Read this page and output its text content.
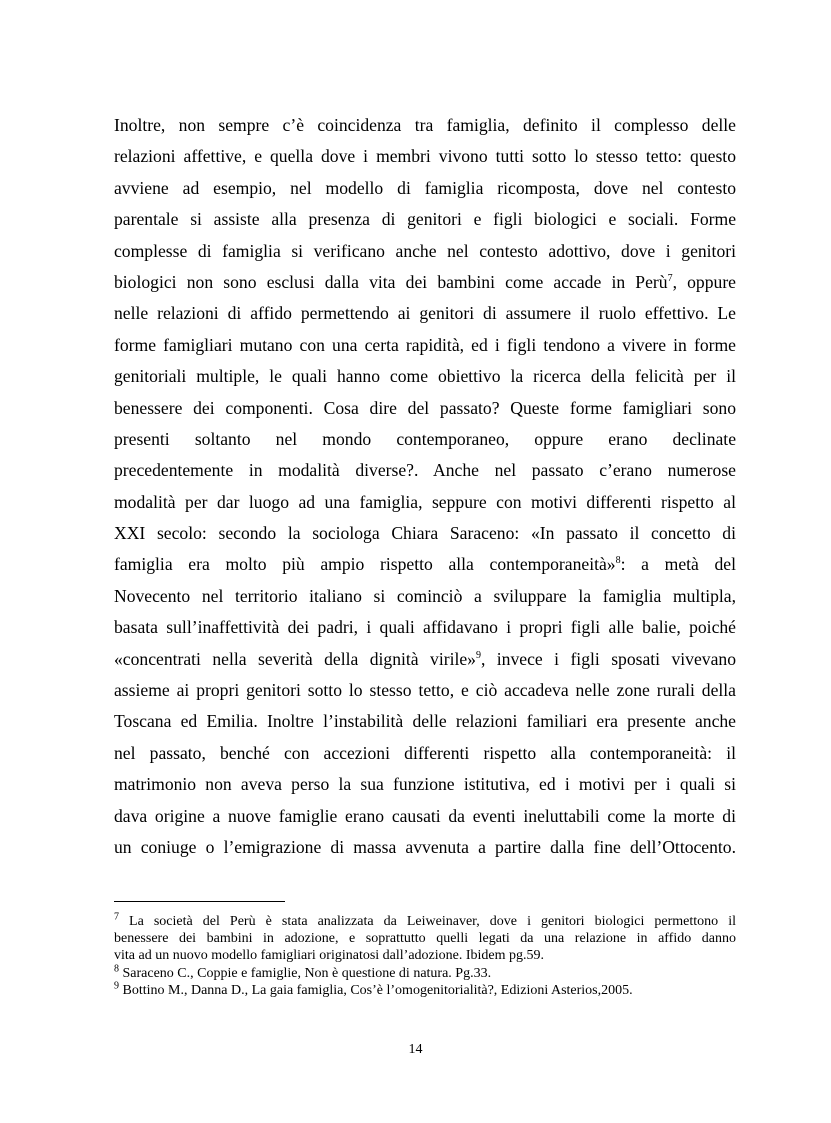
Inoltre, non sempre c’è coincidenza tra famiglia, definito il complesso delle
relazioni affettive, e quella dove i membri vivono tutti sotto lo stesso tetto: questo
avviene ad esempio, nel modello di famiglia ricomposta, dove nel contesto
parentale si assiste alla presenza di genitori e figli biologici e sociali. Forme
complesse di famiglia si verificano anche nel contesto adottivo, dove i genitori
biologici non sono esclusi dalla vita dei bambini come accade in Perù$^7$, oppure
nelle relazioni di affido permettendo ai genitori di assumere il ruolo effettivo. Le
forme famigliari mutano con una certa rapidità, ed i figli tendono a vivere in forme
genitoriali multiple, le quali hanno come obiettivo la ricerca della felicità per il
benessere dei componenti. Cosa dire del passato? Queste forme famigliari sono
presenti soltanto nel mondo contemporaneo, oppure erano declinate
precedentemente in modalità diverse?. Anche nel passato c’erano numerose
modalità per dar luogo ad una famiglia, seppure con motivi differenti rispetto al
XXI secolo: secondo la sociologa Chiara Saraceno: «In passato il concetto di
famiglia era molto più ampio rispetto alla contemporaneità»$^8$: a metà del
Novecento nel territorio italiano si cominciò a sviluppare la famiglia multipla,
basata sull’inaffettività dei padri, i quali affidavano i propri figli alle balie, poiché
«concentrati nella severità della dignità virile»$^9$, invece i figli sposati vivevano
assieme ai propri genitori sotto lo stesso tetto, e ciò accadeva nelle zone rurali della
Toscana ed Emilia. Inoltre l’instabilità delle relazioni familiari era presente anche
nel passato, benché con accezioni differenti rispetto alla contemporaneità: il
matrimonio non aveva perso la sua funzione istitutiva, ed i motivi per i quali si
dava origine a nuove famiglie erano causati da eventi ineluttabili come la morte di
un coniuge o l’emigrazione di massa avvenuta a partire dalla fine dell’Ottocento.
$^7$ La società del Perù è stata analizzata da Leiweinaver, dove i genitori biologici permettono il
benessere dei bambini in adozione, e soprattutto quelli legati da una relazione in affido danno
vita ad un nuovo modello famigliari originatosi dall’adozione. Ibidem pg.59.
$^8$ Saraceno C., Coppie e famiglie, Non è questione di natura. Pg.33.
$^9$ Bottino M., Danna D., La gaia famiglia, Cos’è l’omogenitorialità?, Edizioni Asterios,2005.
14
